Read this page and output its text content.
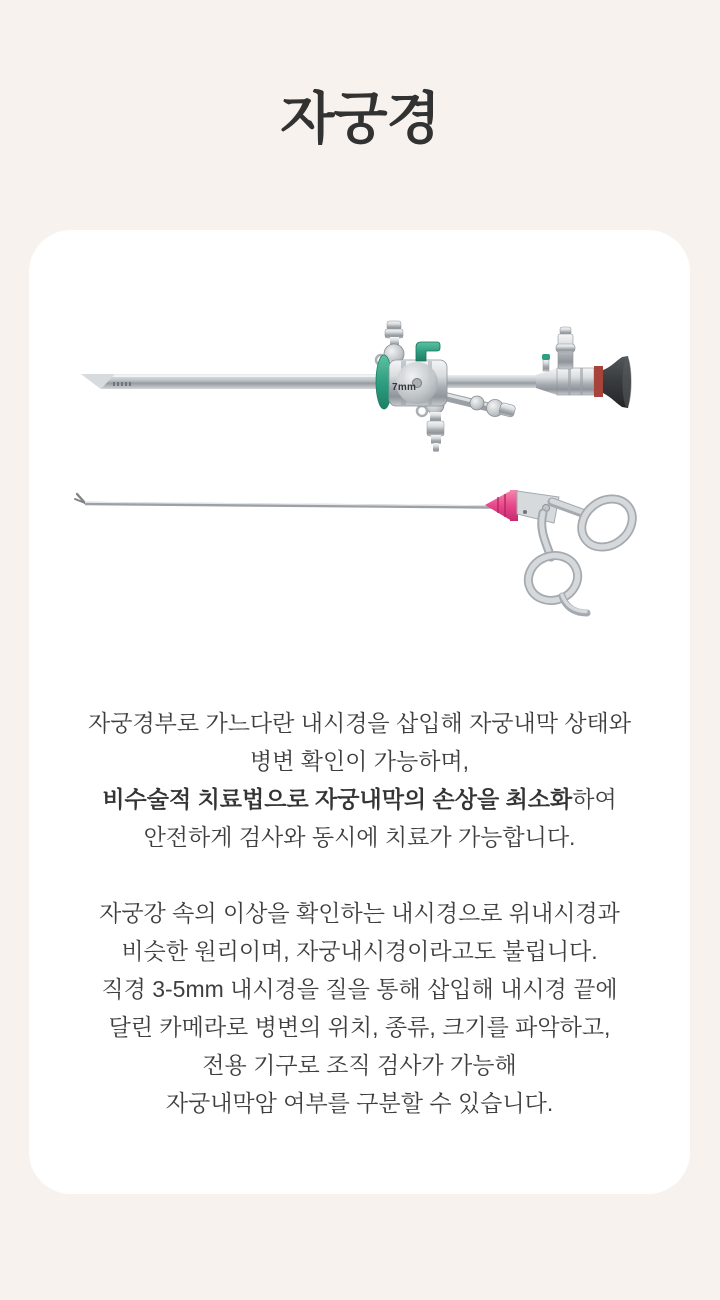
자궁경
7mm

자궁경부로 가느다란 내시경을 삽입해 자궁내막 상태와
병변 확인이 가능하며,
비수술적 치료법으로 자궁내막의 손상을 최소화하여
안전하게 검사와 동시에 치료가 가능합니다.

자궁강 속의 이상을 확인하는 내시경으로 위내시경과
비슷한 원리이며, 자궁내시경이라고도 불립니다.
직경 3-5mm 내시경을 질을 통해 삽입해 내시경 끝에
달린 카메라로 병변의 위치, 종류, 크기를 파악하고,
전용 기구로 조직 검사가 가능해
자궁내막암 여부를 구분할 수 있습니다.
